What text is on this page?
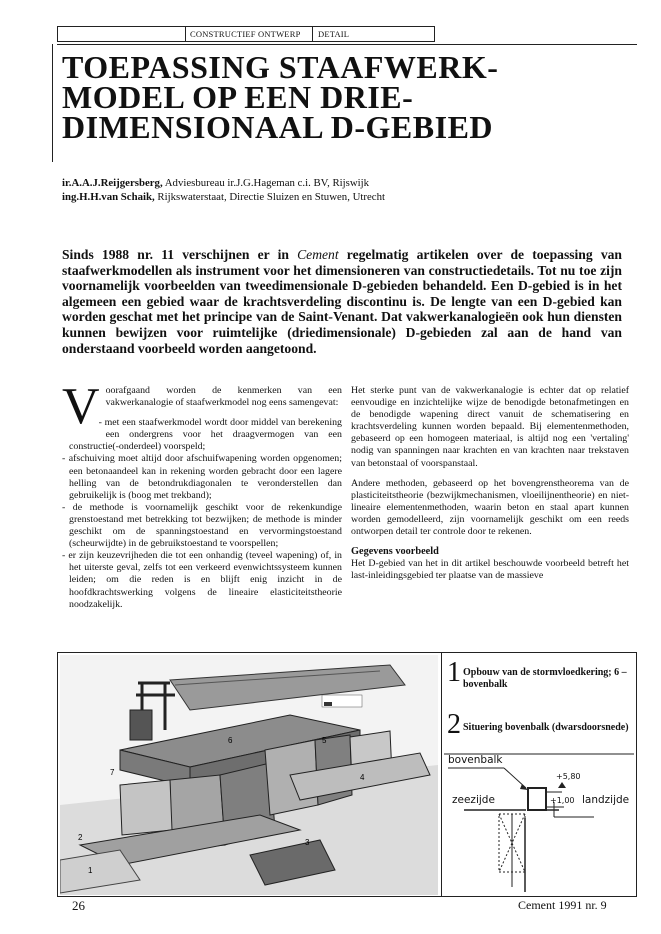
CONSTRUCTIEF ONTWERP	DETAIL
TOEPASSING STAAFWERK-
MODEL OP EEN DRIE-
DIMENSIONAAL D-GEBIED
ir.A.A.J.Reijgersberg, Adviesbureau ir.J.G.Hageman c.i. BV, Rijswijk
ing.H.H.van Schaik, Rijkswaterstaat, Directie Sluizen en Stuwen, Utrecht

Sinds 1988 nr. 11 verschijnen er in Cement regelmatig artikelen over de toepassing van staafwerkmodellen als instrument voor het dimensioneren van constructiedetails. Tot nu toe zijn voornamelijk voorbeelden van tweedimensionale D-gebieden behandeld. Een D-gebied is in het algemeen een gebied waar de krachtsverdeling discontinu is. De lengte van een D-gebied kan worden geschat met het principe van de Saint-Venant. Dat vakwerkanalogieën ook hun diensten kunnen bewijzen voor ruimtelijke (driedimensionale) D-gebieden zal aan de hand van onderstaand voorbeeld worden aangetoond.

V oorafgaand worden de kenmerken van een vakwerkanalogie of staafwerkmodel nog eens samengevat:

- met een staafwerkmodel wordt door middel van berekening een ondergrens voor het draagvermogen van een constructie(-onderdeel) voorspeld;
- afschuiving moet altijd door afschuifwapening worden opgenomen; een betonaandeel kan in rekening worden gebracht door een lagere helling van de betondrukdiagonalen te veronderstellen dan gebruikelijk is (boog met trekband);
- de methode is voornamelijk geschikt voor de rekenkundige grenstoestand met betrekking tot bezwijken; de methode is minder geschikt om de spanningstoestand en vervormingstoestand (scheurwijdte) in de gebruikstoestand te voorspellen;
- er zijn keuzevrijheden die tot een onhandig (teveel wapening) of, in het uiterste geval, zelfs tot een verkeerd evenwichtssysteem kunnen leiden; om die reden is en blijft enig inzicht in de hoofdkrachtswerking volgens de lineaire elasticiteitstheorie noodzakelijk.

Het sterke punt van de vakwerkanalogie is echter dat op relatief eenvoudige en inzichtelijke wijze de benodigde betonafmetingen en de benodigde wapening direct vanuit de schematisering en krachtsverdeling kunnen worden bepaald. Bij elementenmethoden, gebaseerd op een homogeen materiaal, is altijd nog een 'vertaling' nodig van spanningen naar krachten en van krachten naar trekstaven van betonstaal of voorspanstaal.

Andere methoden, gebaseerd op het bovengrenstheorema van de plasticiteitstheorie (bezwijkmechanismen, vloeilijnentheorie) en niet-lineaire elementenmethoden, waarin beton en staal apart kunnen worden gemodelleerd, zijn voornamelijk geschikt om een reeds ontworpen detail ter controle door te rekenen.

Gegevens voorbeeld

Het D-gebied van het in dit artikel beschouwde voorbeeld betreft het last-inleidingsgebied ter plaatse van de massieve

6	5
7
4
2
3
1
1 Opbouw van de stormvloedkering; 6 – bovenbalk
2 Situering bovenbalk (dwarsdoorsnede)
bovenbalk
zeezijde	landzijde
+5,80
+1,00
26	Cement 1991 nr. 9
